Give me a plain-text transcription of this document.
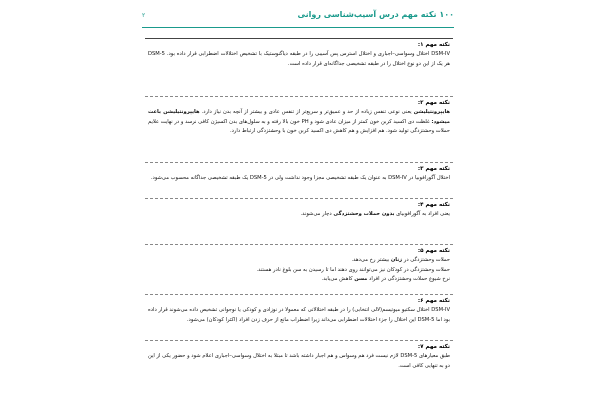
۱۰۰ نکته مهم درس آسیب‌شناسی روانی
۲
نکته مهم ۱:
DSM-IV اختلال وسواسی–اجباری و اختلال استرس پس آسیبی را در طبقه دیاگنوستیک با تشخیص اختلالات اضطرابی قرار داده بود. DSM-5 هر یک از این دو نوع اختلال را در طبقه تشخیصی جداگانه‌ای قرار داده است.
نکته مهم ۲:
هایپرونتیلیشن یعنی نوعی تنفس زیاده از حد و عمیق‌تر و سریع‌تر از تنفس عادی و بیشتر از آنچه بدن نیاز دارد. هایپرونتیلیشن باعث میشود: غلظت دی اکسید کربن خون کمتر از میزان عادی شود و PH خون بالا رفته و به سلول‌های بدن اکسیژن کافی نرسد و در نهایت علایم حملات وحشتزدگی تولید شود. هم افزایش و هم کاهش دی اکسید کربن خون با وحشتزدگی ارتباط دارد.
نکته مهم ۳:
اختلال آگورافوبیا در DSM-IV به عنوان یک طبقه تشخیصی مجزا وجود نداشت ولی در DSM-5 یک طبقه تشخیصی جداگانه محسوب می‌شود.
نکته مهم ۴:
یعنی افراد به آگورافوبیای بدون حملات وحشتزدگی دچار می‌شوند.
نکته مهم ۵:
حملات وحشتزدگی در زنان بیشتر رخ می‌دهد.
حملات وحشتزدگی در کودکان نیز می‌توانند روی دهند اما تا رسیدن به سن بلوغ نادر هستند.
نرخ شیوع حملات وحشتزدگی در افراد مسن کاهش می‌یابد.
نکته مهم ۶:
DSM-IV اختلال سکتیو میوتیسم(لالی انتخابی) را در طبقه اختلالاتی که معمولا در نوزادی و کودکی یا نوجوانی تشخیص داده می‌شوند قرار داده بود اما DSM-5 این اختلال را جزء اختلالات اضطرابی می‌داند زیرا اضطراب مانع از حرف زدن افراد (اکثرا کودکان) می‌شود.
نکته مهم ۷:
طبق معیارهای DSM-5 لازم نیست فرد هم وسواس و هم اجبار داشته باشد تا مبتلا به اختلال وسواسی–اجباری اعلام شود و حضور یکی از این دو به تنهایی کافی است.
